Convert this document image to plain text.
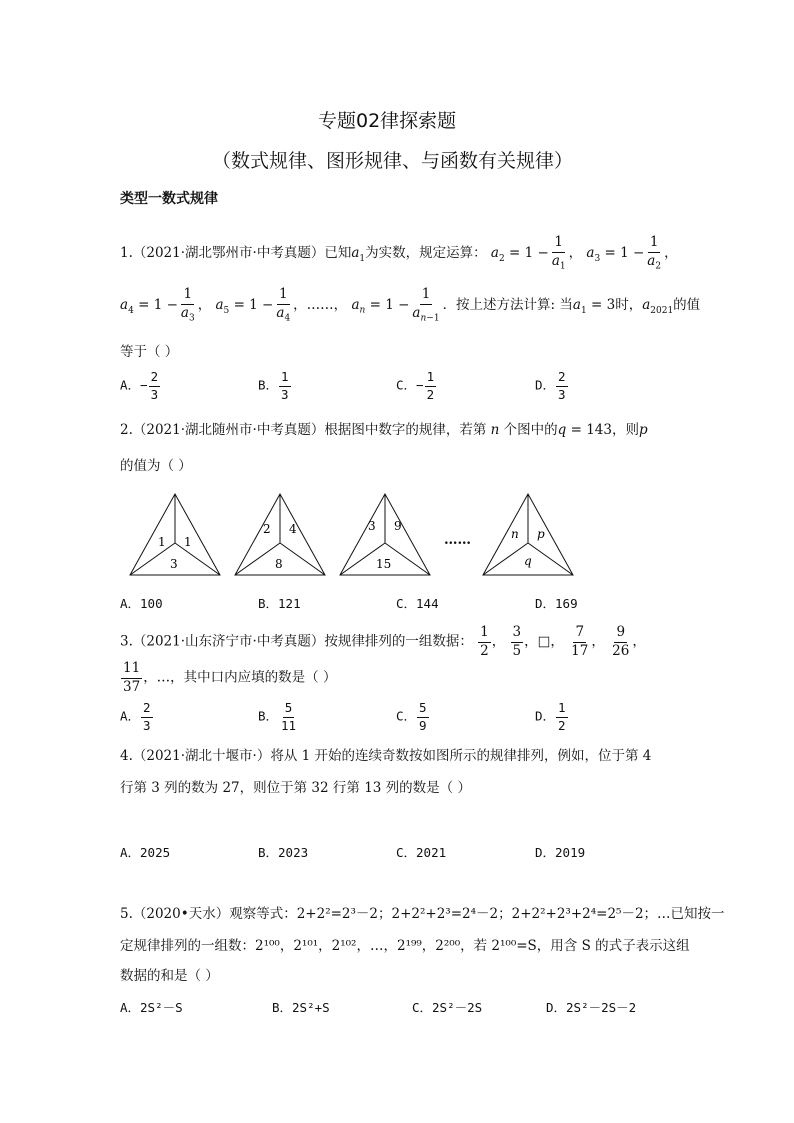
专题02律探索题
（数式规律、图形规律、与函数有关规律）
类型一数式规律
1.（2021·湖北鄂州市·中考真题）已知$a_1$为实数，规定运算： $a_2 = 1 - \frac{1}{a_1}$ ， $a_3 = 1 - \frac{1}{a_2}$ ，
$a_4 = 1 - \frac{1}{a_3}$ ， $a_5 = 1 - \frac{1}{a_4}$ ，……， $a_n = 1 - \frac{1}{a_{n-1}}$ ．按上述方法计算: 当$a_1 = 3$时，$a_{2021}$的值
等于（ ）
A．− $\frac{2}{3}$	B． $\frac{1}{3}$	C．− $\frac{1}{2}$	D． $\frac{2}{3}$
2.（2021·湖北随州市·中考真题）根据图中数字的规律，若第 n 个图中的q = 143，则p
的值为（ ）
1 1
3
2 4
8
3 9
15
……	n p
q
A．100	B．121	C．144	D．169
3.（2021·山东济宁市·中考真题）按规律排列的一组数据： $\frac{1}{2}$ ， $\frac{3}{5}$ ，□， $\frac{7}{17}$ ， $\frac{9}{26}$ ，
$\frac{11}{37}$ ，…，其中口内应填的数是（ ）
A． $\frac{2}{3}$	B． $\frac{5}{11}$	C． $\frac{5}{9}$	D． $\frac{1}{2}$
4.（2021·湖北十堰市·）将从 1 开始的连续奇数按如图所示的规律排列，例如，位于第 4
行第 3 列的数为 27，则位于第 32 行第 13 列的数是（ ）
A．2025	B．2023	C．2021	D．2019
5.（2020•天水）观察等式：2+2²=2³－2；2+2²+2³=2⁴－2；2+2²+2³+2⁴=2⁵－2；…已知按一
定规律排列的一组数：2¹⁰⁰，2¹⁰¹，2¹⁰²，…，2¹⁹⁹，2²⁰⁰，若 2¹⁰⁰=S，用含 S 的式子表示这组
数据的和是（ ）
A．2S²－S	B．2S²+S	C．2S²－2S	D．2S²－2S－2
